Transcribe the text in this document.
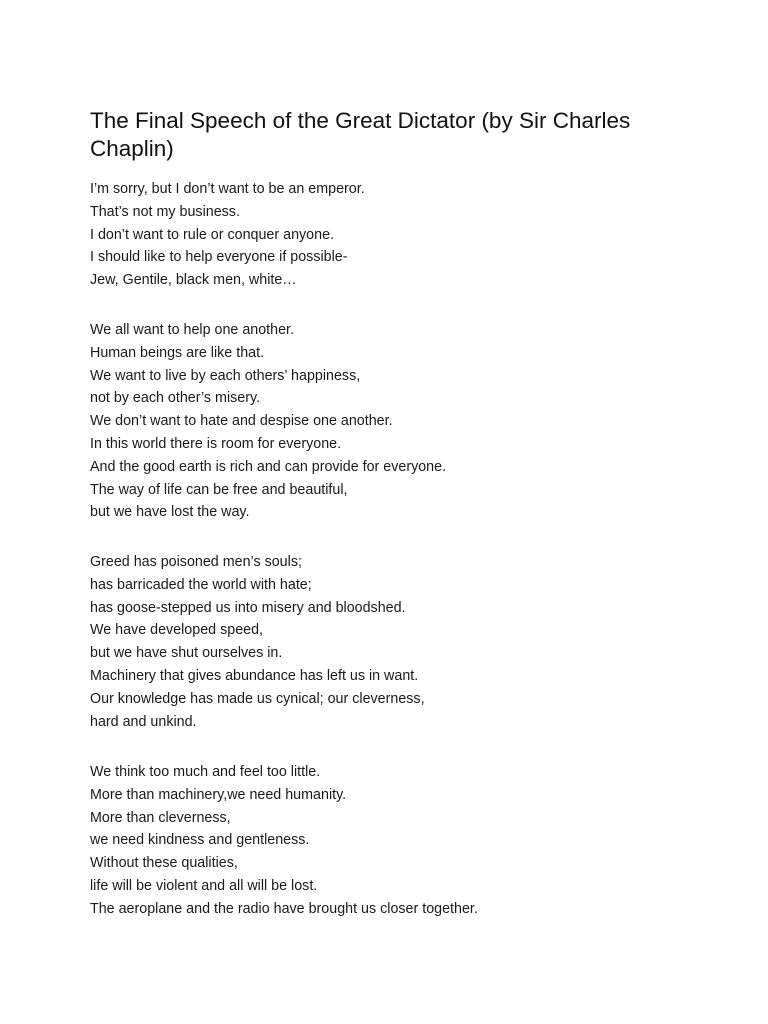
The Final Speech of the Great Dictator (by Sir Charles Chaplin)
I’m sorry, but I don’t want to be an emperor.
That’s not my business.
I don’t want to rule or conquer anyone.
I should like to help everyone if possible-
Jew, Gentile, black men, white…
We all want to help one another.
Human beings are like that.
We want to live by each others’ happiness,
not by each other’s misery.
We don’t want to hate and despise one another.
In this world there is room for everyone.
And the good earth is rich and can provide for everyone.
The way of life can be free and beautiful,
but we have lost the way.
Greed has poisoned men’s souls;
has barricaded the world with hate;
has goose-stepped us into misery and bloodshed.
We have developed speed,
but we have shut ourselves in.
Machinery that gives abundance has left us in want.
Our knowledge has made us cynical; our cleverness,
hard and unkind.
We think too much and feel too little.
More than machinery,we need humanity.
More than cleverness,
we need kindness and gentleness.
Without these qualities,
life will be violent and all will be lost.
The aeroplane and the radio have brought us closer together.
